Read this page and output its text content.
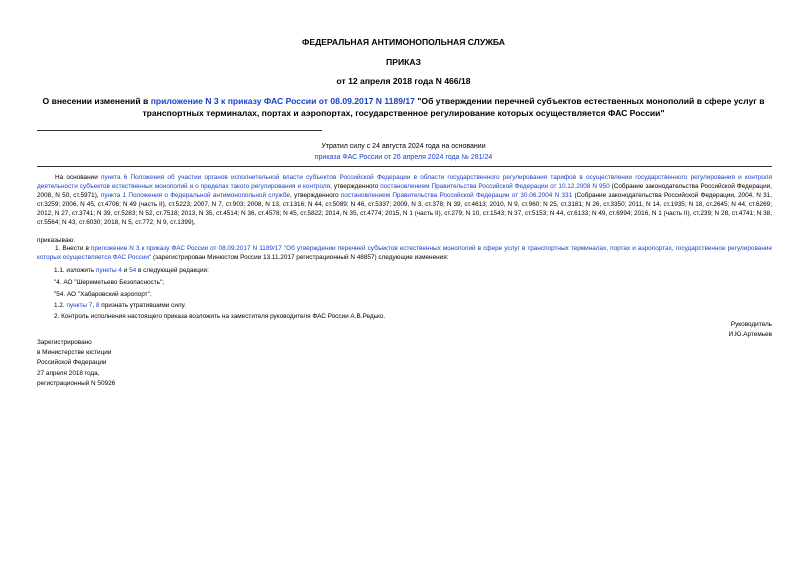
ФЕДЕРАЛЬНАЯ АНТИМОНОПОЛЬНАЯ СЛУЖБА
ПРИКАЗ
от 12 апреля 2018 года N 466/18
О внесении изменений в приложение N 3 к приказу ФАС России от 08.09.2017 N 1189/17 "Об утверждении перечней субъектов естественных монополий в сфере услуг в транспортных терминалах, портах и аэропортах, государственное регулирование которых осуществляется ФАС России"
Утратил силу с 24 августа 2024 года на основании
приказа ФАС России от 26 апреля 2024 года № 281/24
На основании пункта 6 Положения об участии органов исполнительной власти субъектов Российской Федерации в области государственного регулирования тарифов в осуществлении государственного регулирования и контроля деятельности субъектов естественных монополий и о пределах такого регулирования и контроля, утвержденного постановлением Правительства Российской Федерации от 10.12.2008 N 950 (Собрание законодательства Российской Федерации, 2008, N 50, ст.5971), пункта 1 Положения о Федеральной антимонопольной службе, утвержденного постановлением Правительства Российской Федерации от 30.06.2004 N 331 (Собрание законодательства Российской Федерации, 2004, N 31, ст.3259; 2006, N 45, ст.4706; N 49 (часть II), ст.5223; 2007, N 7, ст.903; 2008, N 13, ст.1316; N 44, ст.5089; N 46, ст.5337; 2009, N 3, ст.378; N 39, ст.4613; 2010, N 9, ст.960; N 25, ст.3181; N 26, ст.3350; 2011, N 14, ст.1935; N 18, ст.2645; N 44, ст.6269; 2012, N 27, ст.3741; N 39, ст.5283; N 52, ст.7518; 2013, N 35, ст.4514; N 36, ст.4578; N 45, ст.5822; 2014, N 35, ст.4774; 2015, N 1 (часть II), ст.279; N 10, ст.1543; N 37, ст.5153; N 44, ст.6133; N 49, ст.6994; 2016, N 1 (часть II), ст.239; N 28, ст.4741; N 38, ст.5564; N 43, ст.6030; 2018, N 5, ст.772; N 9, ст.1399),
приказываю:
1. Внести в приложение N 3 к приказу ФАС России от 08.09.2017 N 1189/17 "Об утверждении перечней субъектов естественных монополий в сфере услуг в транспортных терминалах, портах и аэропортах, государственное регулирование которых осуществляется ФАС России" (зарегистрирован Минюстом России 13.11.2017 регистрационный N 48857) следующие изменения:
1.1. изложить пункты 4 и 54 в следующей редакции:
"4. АО "Шереметьево Безопасность";
"54. АО "Хабаровский аэропорт".
1.2. пункты 7, 8 признать утратившими силу.
2. Контроль исполнения настоящего приказа возложить на заместителя руководителя ФАС России А.В.Редько.
Руководитель
И.Ю.Артемьев
Зарегистрировано
в Министерстве юстиции
Российской Федерации
27 апреля 2018 года,
регистрационный N 50926
